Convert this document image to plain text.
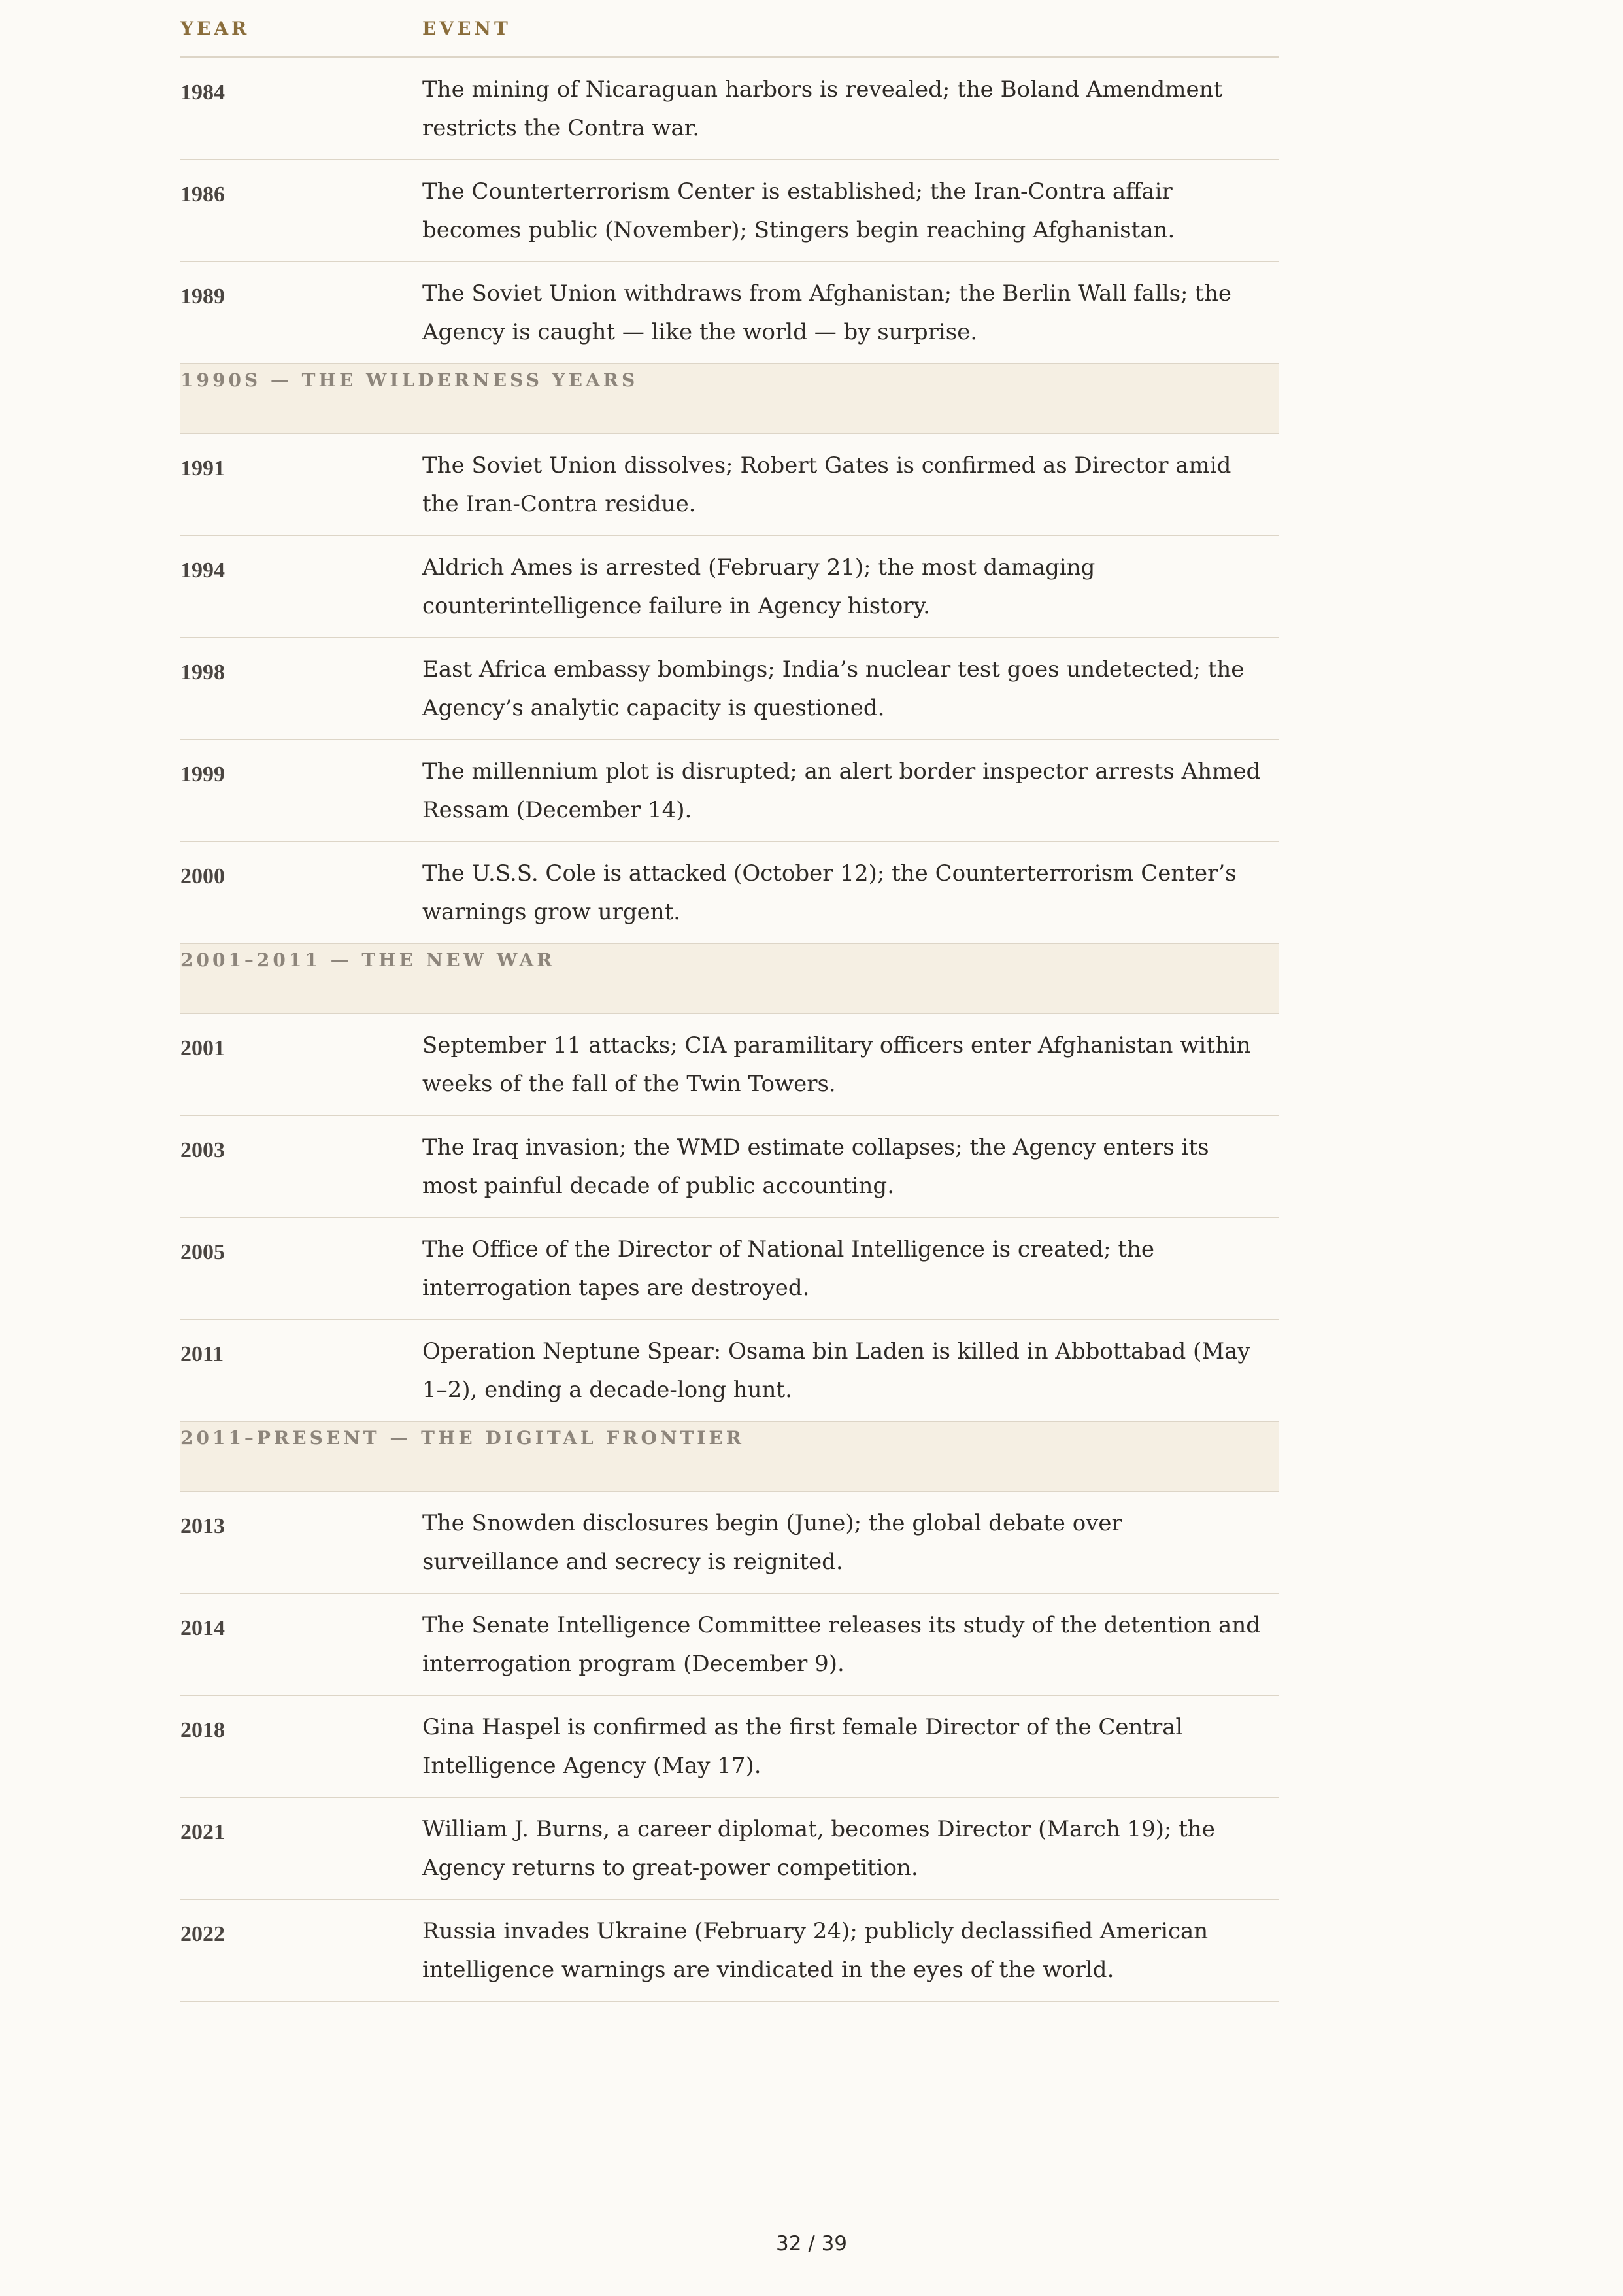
YEAR	EVENT
1984	The mining of Nicaraguan harbors is revealed; the Boland Amendment restricts the Contra war.
1986	The Counterterrorism Center is established; the Iran-Contra affair becomes public (November); Stingers begin reaching Afghanistan.
1989	The Soviet Union withdraws from Afghanistan; the Berlin Wall falls; the Agency is caught — like the world — by surprise.
1990S — THE WILDERNESS YEARS	
1991	The Soviet Union dissolves; Robert Gates is confirmed as Director amid the Iran-Contra residue.
1994	Aldrich Ames is arrested (February 21); the most damaging counterintelligence failure in Agency history.
1998	East Africa embassy bombings; India’s nuclear test goes undetected; the Agency’s analytic capacity is questioned.
1999	The millennium plot is disrupted; an alert border inspector arrests Ahmed Ressam (December 14).
2000	The U.S.S. Cole is attacked (October 12); the Counterterrorism Center’s warnings grow urgent.
2001–2011 — THE NEW WAR	
2001	September 11 attacks; CIA paramilitary officers enter Afghanistan within weeks of the fall of the Twin Towers.
2003	The Iraq invasion; the WMD estimate collapses; the Agency enters its most painful decade of public accounting.
2005	The Office of the Director of National Intelligence is created; the interrogation tapes are destroyed.
2011	Operation Neptune Spear: Osama bin Laden is killed in Abbottabad (May 1–2), ending a decade-long hunt.
2011–PRESENT — THE DIGITAL FRONTIER	
2013	The Snowden disclosures begin (June); the global debate over surveillance and secrecy is reignited.
2014	The Senate Intelligence Committee releases its study of the detention and interrogation program (December 9).
2018	Gina Haspel is confirmed as the first female Director of the Central Intelligence Agency (May 17).
2021	William J. Burns, a career diplomat, becomes Director (March 19); the Agency returns to great-power competition.
2022	Russia invades Ukraine (February 24); publicly declassified American intelligence warnings are vindicated in the eyes of the world.
32 / 39
